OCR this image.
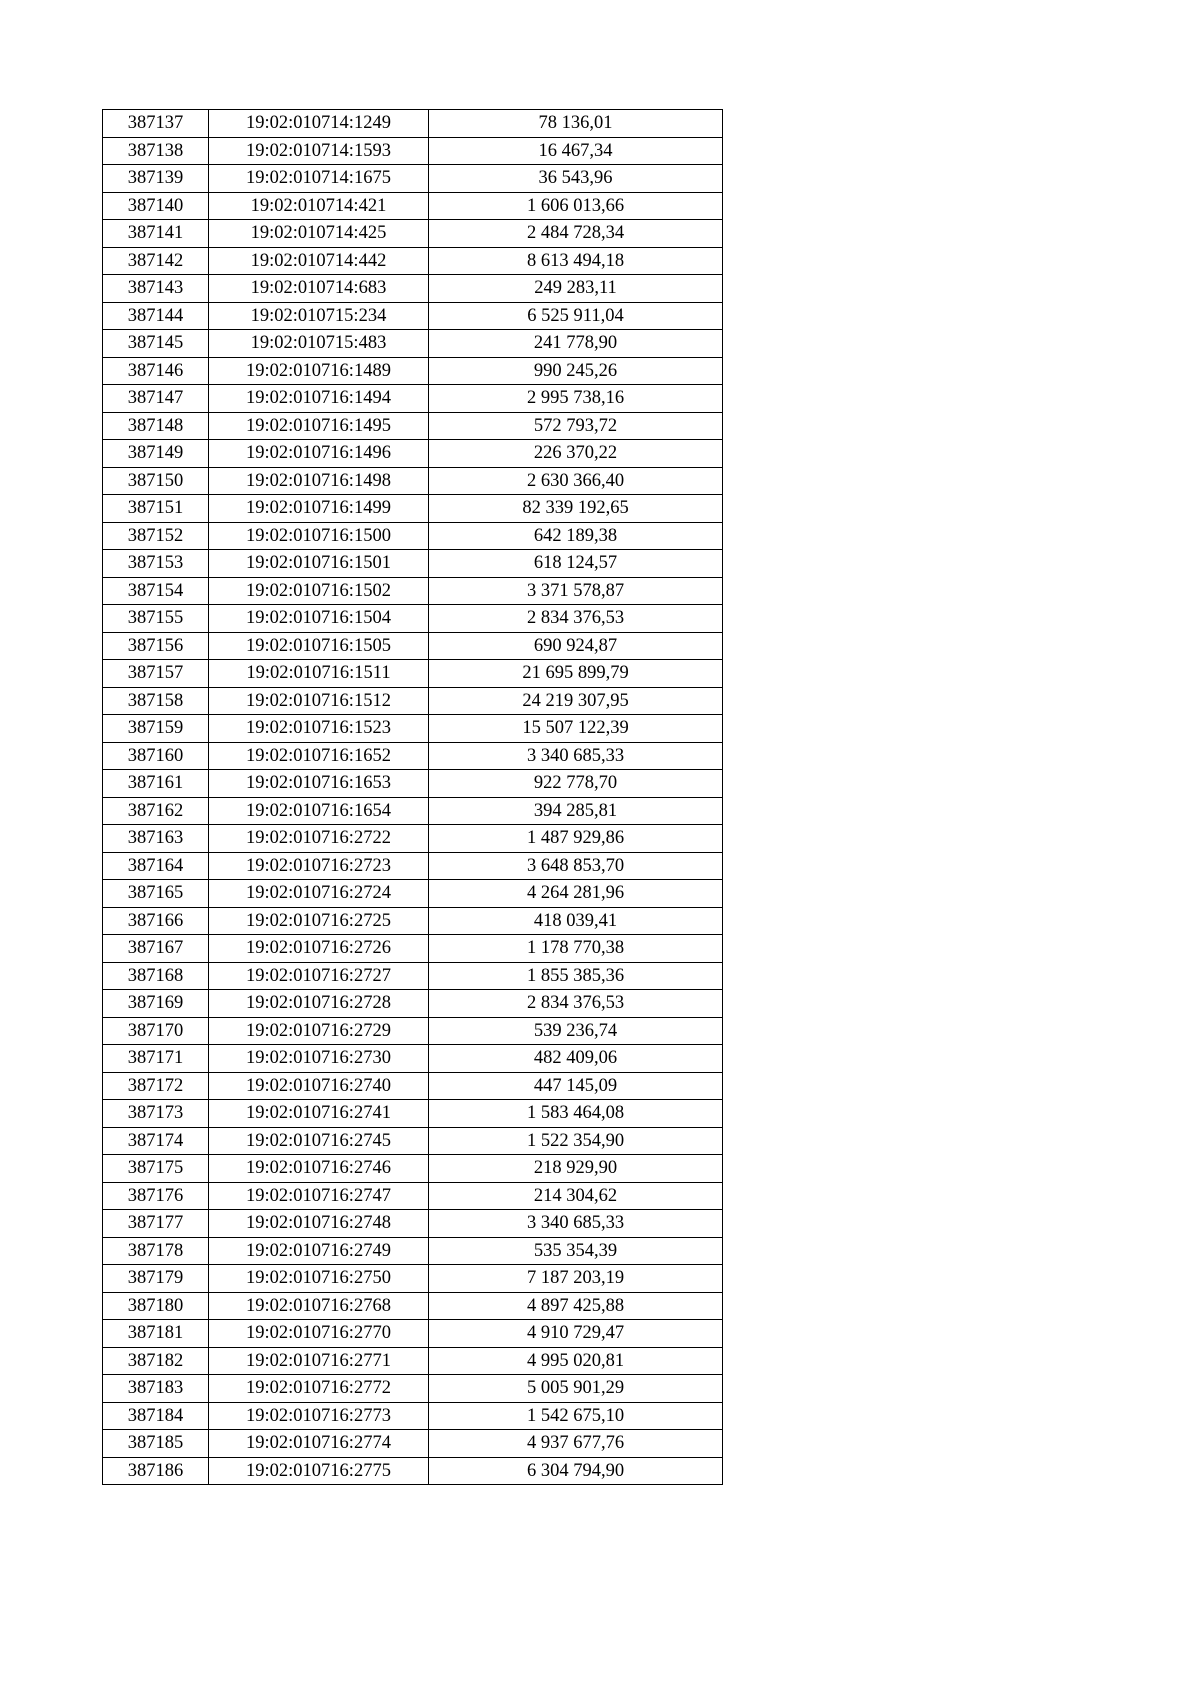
387137	19:02:010714:1249	78 136,01
387138	19:02:010714:1593	16 467,34
387139	19:02:010714:1675	36 543,96
387140	19:02:010714:421	1 606 013,66
387141	19:02:010714:425	2 484 728,34
387142	19:02:010714:442	8 613 494,18
387143	19:02:010714:683	249 283,11
387144	19:02:010715:234	6 525 911,04
387145	19:02:010715:483	241 778,90
387146	19:02:010716:1489	990 245,26
387147	19:02:010716:1494	2 995 738,16
387148	19:02:010716:1495	572 793,72
387149	19:02:010716:1496	226 370,22
387150	19:02:010716:1498	2 630 366,40
387151	19:02:010716:1499	82 339 192,65
387152	19:02:010716:1500	642 189,38
387153	19:02:010716:1501	618 124,57
387154	19:02:010716:1502	3 371 578,87
387155	19:02:010716:1504	2 834 376,53
387156	19:02:010716:1505	690 924,87
387157	19:02:010716:1511	21 695 899,79
387158	19:02:010716:1512	24 219 307,95
387159	19:02:010716:1523	15 507 122,39
387160	19:02:010716:1652	3 340 685,33
387161	19:02:010716:1653	922 778,70
387162	19:02:010716:1654	394 285,81
387163	19:02:010716:2722	1 487 929,86
387164	19:02:010716:2723	3 648 853,70
387165	19:02:010716:2724	4 264 281,96
387166	19:02:010716:2725	418 039,41
387167	19:02:010716:2726	1 178 770,38
387168	19:02:010716:2727	1 855 385,36
387169	19:02:010716:2728	2 834 376,53
387170	19:02:010716:2729	539 236,74
387171	19:02:010716:2730	482 409,06
387172	19:02:010716:2740	447 145,09
387173	19:02:010716:2741	1 583 464,08
387174	19:02:010716:2745	1 522 354,90
387175	19:02:010716:2746	218 929,90
387176	19:02:010716:2747	214 304,62
387177	19:02:010716:2748	3 340 685,33
387178	19:02:010716:2749	535 354,39
387179	19:02:010716:2750	7 187 203,19
387180	19:02:010716:2768	4 897 425,88
387181	19:02:010716:2770	4 910 729,47
387182	19:02:010716:2771	4 995 020,81
387183	19:02:010716:2772	5 005 901,29
387184	19:02:010716:2773	1 542 675,10
387185	19:02:010716:2774	4 937 677,76
387186	19:02:010716:2775	6 304 794,90
